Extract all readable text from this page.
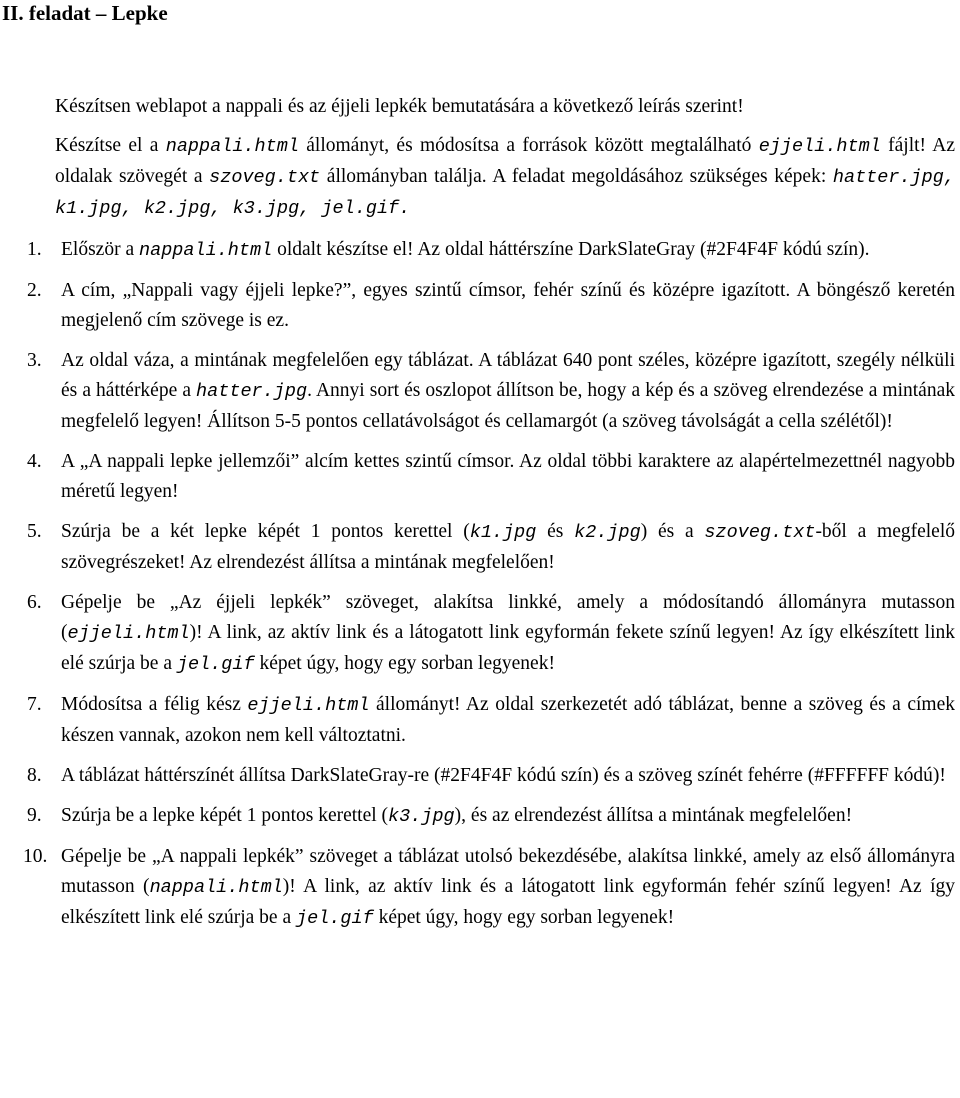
II. feladat – Lepke
Készítsen weblapot a nappali és az éjjeli lepkék bemutatására a következő leírás szerint!
Készítse el a nappali.html állományt, és módosítsa a források között megtalálható ejjeli.html fájlt! Az oldalak szövegét a szoveg.txt állományban találja. A feladat megoldásához szükséges képek: hatter.jpg, k1.jpg, k2.jpg, k3.jpg, jel.gif.
1. Először a nappali.html oldalt készítse el! Az oldal háttérszíne DarkSlateGray (#2F4F4F kódú szín).
2. A cím, „Nappali vagy éjjeli lepke?”, egyes szintű címsor, fehér színű és középre igazított. A böngésző keretén megjelenő cím szövege is ez.
3. Az oldal váza, a mintának megfelelően egy táblázat. A táblázat 640 pont széles, középre igazított, szegély nélküli és a háttérképe a hatter.jpg. Annyi sort és oszlopot állítson be, hogy a kép és a szöveg elrendezése a mintának megfelelő legyen! Állítson 5-5 pontos cellatávolságot és cellamargót (a szöveg távolságát a cella szélétől)!
4. A „A nappali lepke jellemzői” alcím kettes szintű címsor. Az oldal többi karaktere az alapértelmezettnél nagyobb méretű legyen!
5. Szúrja be a két lepke képét 1 pontos kerettel (k1.jpg és k2.jpg) és a szoveg.txt-ből a megfelelő szövegrészeket! Az elrendezést állítsa a mintának megfelelően!
6. Gépelje be „Az éjjeli lepkék” szöveget, alakítsa linkké, amely a módosítandó állományra mutasson (ejjeli.html)! A link, az aktív link és a látogatott link egyformán fekete színű legyen! Az így elkészített link elé szúrja be a jel.gif képet úgy, hogy egy sorban legyenek!
7. Módosítsa a félig kész ejjeli.html állományt! Az oldal szerkezetét adó táblázat, benne a szöveg és a címek készen vannak, azokon nem kell változtatni.
8. A táblázat háttérszínét állítsa DarkSlateGray-re (#2F4F4F kódú szín) és a szöveg színét fehérre (#FFFFFF kódú)!
9. Szúrja be a lepke képét 1 pontos kerettel (k3.jpg), és az elrendezést állítsa a mintának megfelelően!
10. Gépelje be „A nappali lepkék” szöveget a táblázat utolsó bekezdésébe, alakítsa linkké, amely az első állományra mutasson (nappali.html)! A link, az aktív link és a látogatott link egyformán fehér színű legyen! Az így elkészített link elé szúrja be a jel.gif képet úgy, hogy egy sorban legyenek!
